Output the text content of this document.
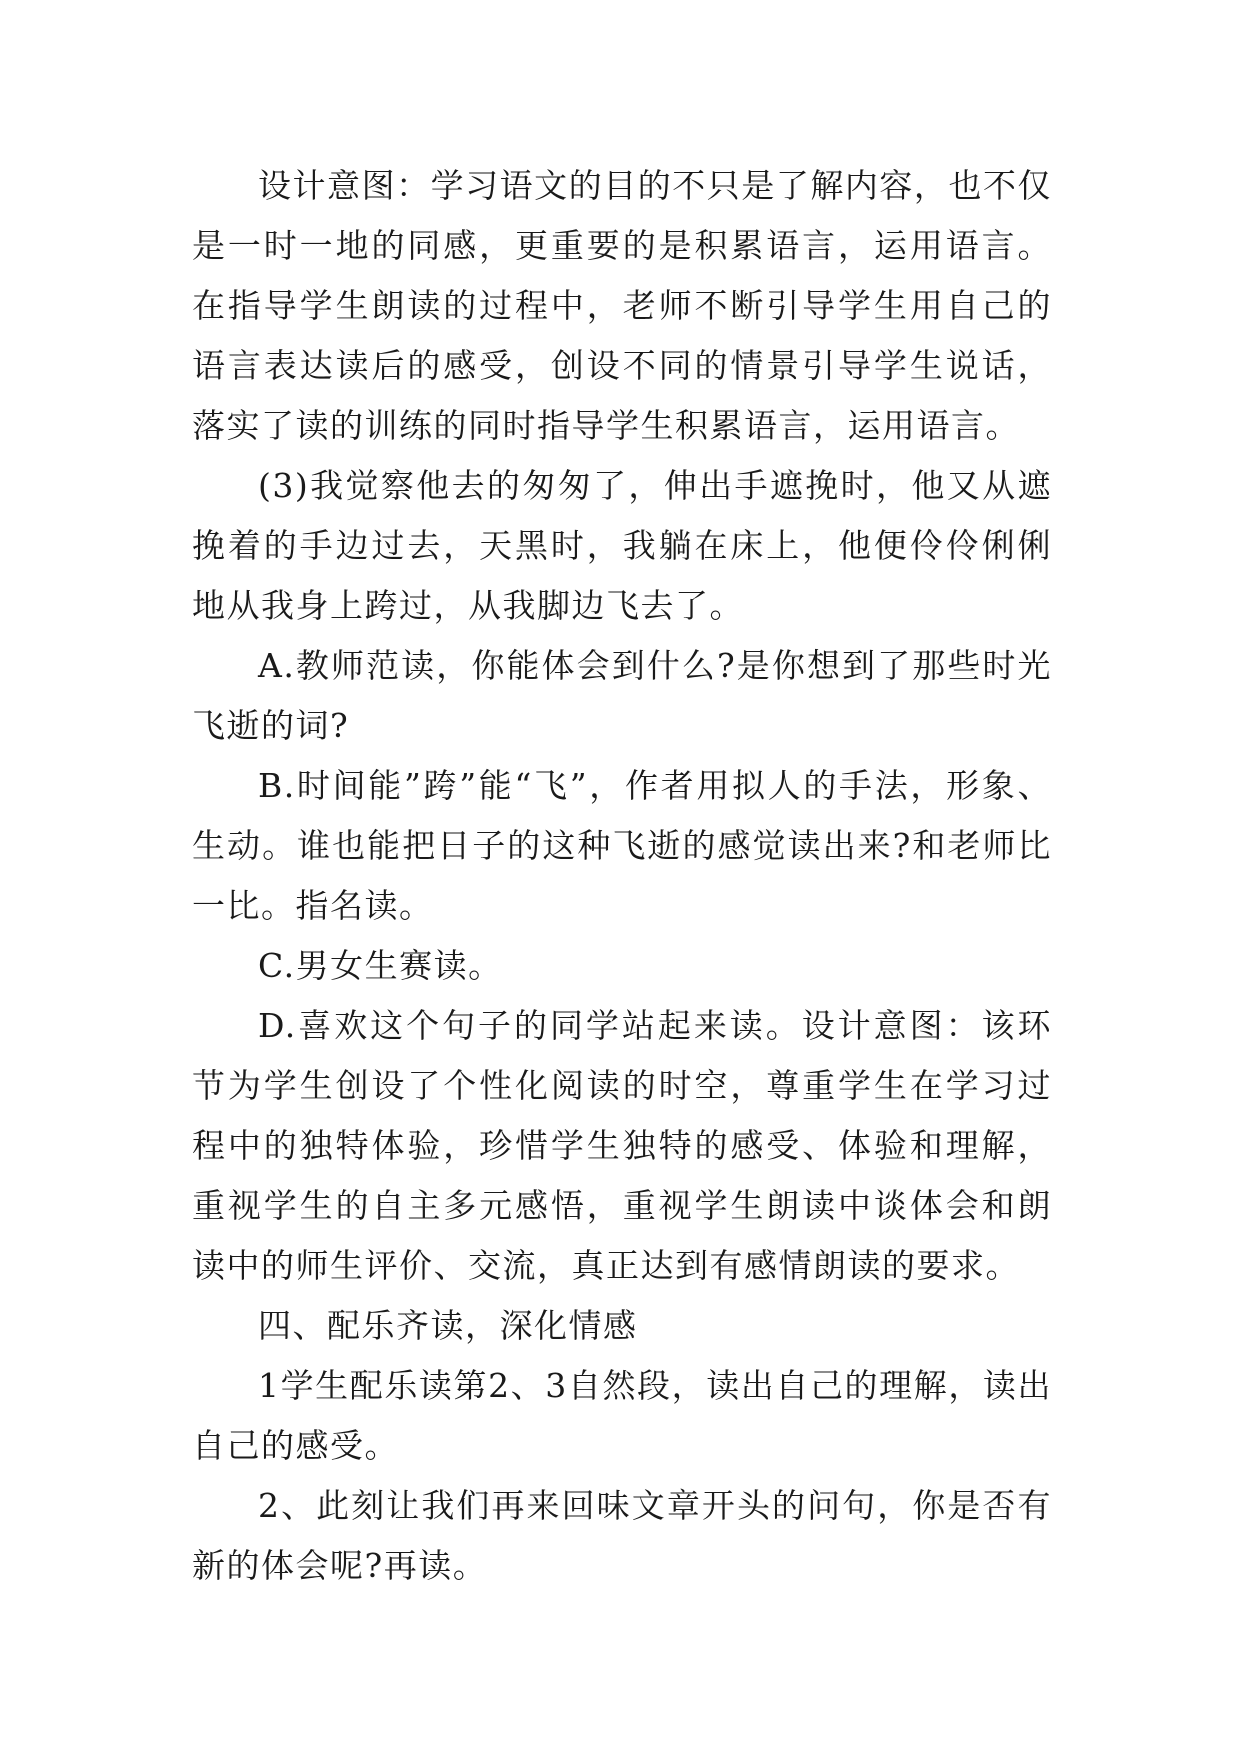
设计意图：学习语文的目的不只是了解内容，也不仅是一时一地的同感，更重要的是积累语言，运用语言。在指导学生朗读的过程中，老师不断引导学生用自己的语言表达读后的感受，创设不同的情景引导学生说话，落实了读的训练的同时指导学生积累语言，运用语言。

(3)我觉察他去的匆匆了，伸出手遮挽时，他又从遮挽着的手边过去，天黑时，我躺在床上，他便伶伶俐俐地从我身上跨过，从我脚边飞去了。

A.教师范读，你能体会到什么?是你想到了那些时光飞逝的词?

B.时间能”跨”能“飞”，作者用拟人的手法，形象、生动。谁也能把日子的这种飞逝的感觉读出来?和老师比一比。指名读。

C.男女生赛读。

D.喜欢这个句子的同学站起来读。设计意图：该环节为学生创设了个性化阅读的时空，尊重学生在学习过程中的独特体验，珍惜学生独特的感受、体验和理解，重视学生的自主多元感悟，重视学生朗读中谈体会和朗读中的师生评价、交流，真正达到有感情朗读的要求。

四、配乐齐读，深化情感

1学生配乐读第2、3自然段，读出自己的理解，读出自己的感受。

2、此刻让我们再来回味文章开头的问句，你是否有新的体会呢?再读。
